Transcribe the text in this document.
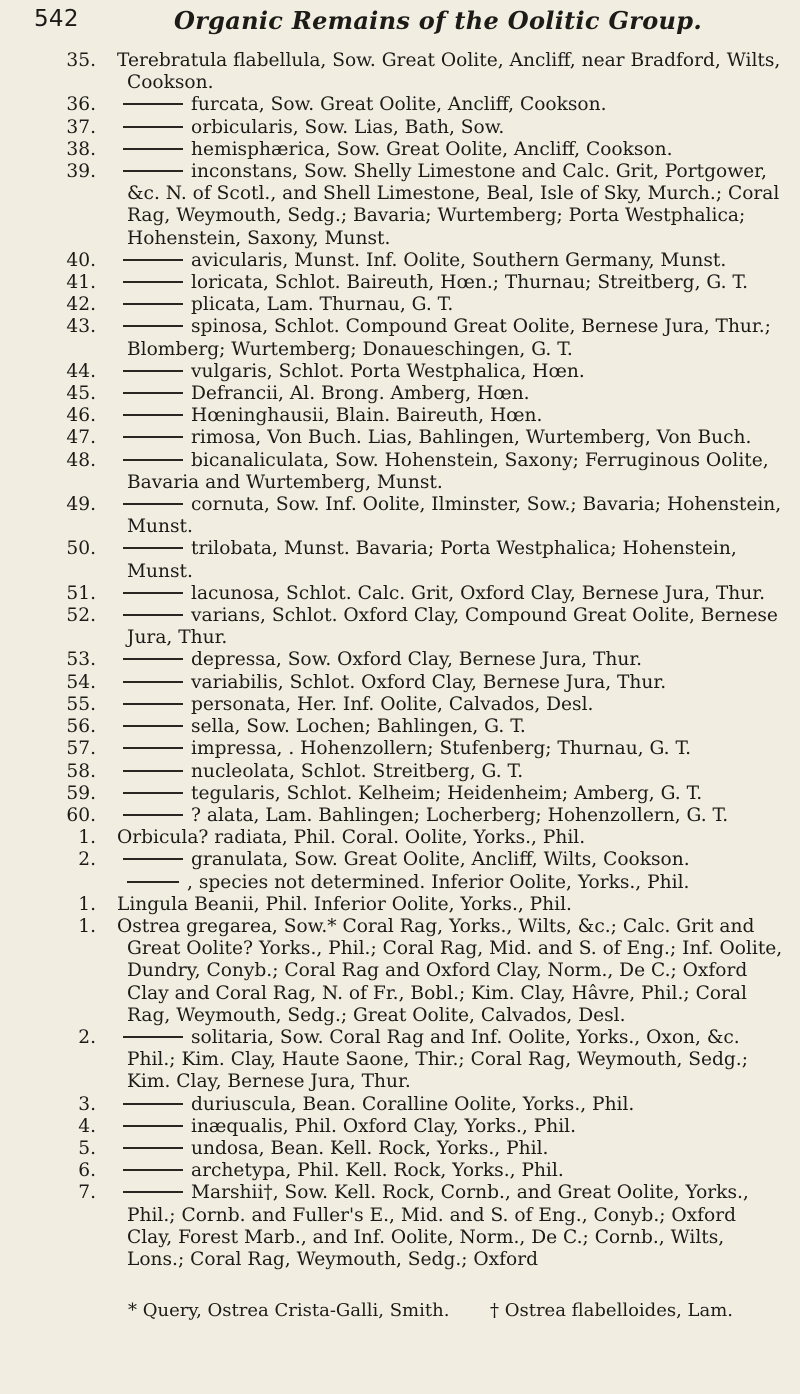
542	Organic Remains of the Oolitic Group.
35. Terebratula flabellula, Sow. Great Oolite, Ancliff, near Bradford, Wilts, Cookson.
36.	furcata, Sow. Great Oolite, Ancliff, Cookson.
37.	orbicularis, Sow. Lias, Bath, Sow.
38.	hemisphærica, Sow. Great Oolite, Ancliff, Cookson.
39.	inconstans, Sow. Shelly Limestone and Calc. Grit, Portgower, &c. N. of Scotl., and Shell Limestone, Beal, Isle of Sky, Murch.; Coral Rag, Weymouth, Sedg.; Bavaria; Wurtemberg; Porta Westphalica; Hohenstein, Saxony, Munst.
40.	avicularis, Munst. Inf. Oolite, Southern Germany, Munst.
41.	loricata, Schlot. Baireuth, Hœn.; Thurnau; Streitberg, G. T.
42.	plicata, Lam. Thurnau, G. T.
43.	spinosa, Schlot. Compound Great Oolite, Bernese Jura, Thur.; Blomberg; Wurtemberg; Donaueschingen, G. T.
44.	vulgaris, Schlot. Porta Westphalica, Hœn.
45.	Defrancii, Al. Brong. Amberg, Hœn.
46.	Hœninghausii, Blain. Baireuth, Hœn.
47.	rimosa, Von Buch. Lias, Bahlingen, Wurtemberg, Von Buch.
48.	bicanaliculata, Sow. Hohenstein, Saxony; Ferruginous Oolite, Bavaria and Wurtemberg, Munst.
49.	cornuta, Sow. Inf. Oolite, Ilminster, Sow.; Bavaria; Hohenstein, Munst.
50.	trilobata, Munst. Bavaria; Porta Westphalica; Hohenstein, Munst.
51.	lacunosa, Schlot. Calc. Grit, Oxford Clay, Bernese Jura, Thur.
52.	varians, Schlot. Oxford Clay, Compound Great Oolite, Bernese Jura, Thur.
53.	depressa, Sow. Oxford Clay, Bernese Jura, Thur.
54.	variabilis, Schlot. Oxford Clay, Bernese Jura, Thur.
55.	personata, Her. Inf. Oolite, Calvados, Desl.
56.	sella, Sow. Lochen; Bahlingen, G. T.
57.	impressa, . Hohenzollern; Stufenberg; Thurnau, G. T.
58.	nucleolata, Schlot. Streitberg, G. T.
59.	tegularis, Schlot. Kelheim; Heidenheim; Amberg, G. T.
60.	? alata, Lam. Bahlingen; Locherberg; Hohenzollern, G. T.
1. Orbicula? radiata, Phil. Coral. Oolite, Yorks., Phil.
2.	granulata, Sow. Great Oolite, Ancliff, Wilts, Cookson.
, species not determined. Inferior Oolite, Yorks., Phil.
1. Lingula Beanii, Phil. Inferior Oolite, Yorks., Phil.
1. Ostrea gregarea, Sow.* Coral Rag, Yorks., Wilts, &c.; Calc. Grit and Great Oolite? Yorks., Phil.; Coral Rag, Mid. and S. of Eng.; Inf. Oolite, Dundry, Conyb.; Coral Rag and Oxford Clay, Norm., De C.; Oxford Clay and Coral Rag, N. of Fr., Bobl.; Kim. Clay, Hâvre, Phil.; Coral Rag, Weymouth, Sedg.; Great Oolite, Calvados, Desl.
2.	solitaria, Sow. Coral Rag and Inf. Oolite, Yorks., Oxon, &c. Phil.; Kim. Clay, Haute Saone, Thir.; Coral Rag, Weymouth, Sedg.; Kim. Clay, Bernese Jura, Thur.
3.	duriuscula, Bean. Coralline Oolite, Yorks., Phil.
4.	inæqualis, Phil. Oxford Clay, Yorks., Phil.
5.	undosa, Bean. Kell. Rock, Yorks., Phil.
6.	archetypa, Phil. Kell. Rock, Yorks., Phil.
7.	Marshii†, Sow. Kell. Rock, Cornb., and Great Oolite, Yorks., Phil.; Cornb. and Fuller's E., Mid. and S. of Eng., Conyb.; Oxford Clay, Forest Marb., and Inf. Oolite, Norm., De C.; Cornb., Wilts, Lons.; Coral Rag, Weymouth, Sedg.; Oxford
* Query, Ostrea Crista-Galli, Smith. † Ostrea flabelloides, Lam.
